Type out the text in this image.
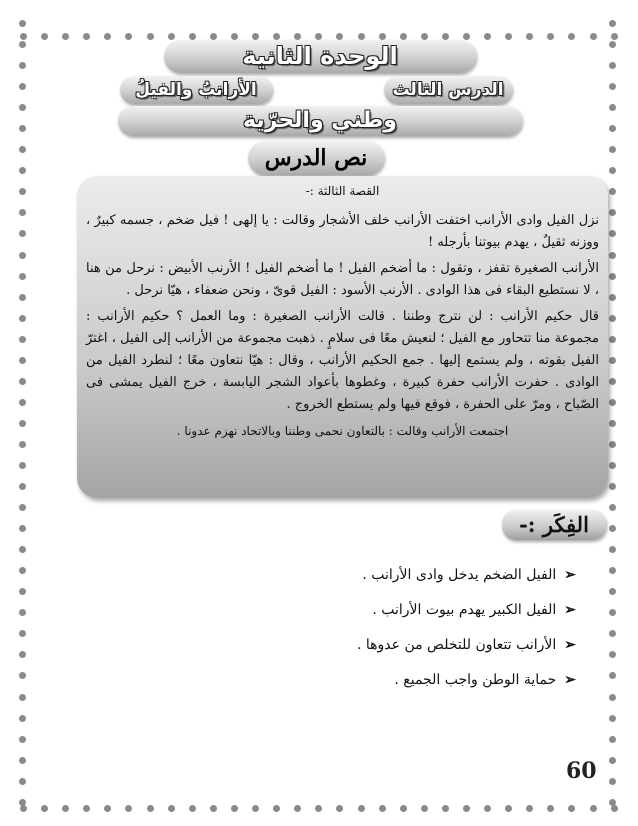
الوحدة الثانية
الدرس الثالث
الأرانبُ والفيلُ
وطني والحرّية
نص الدرس
القصة الثالثة :-

نزل الفيل وادى الأرانب اختفت الأرانب خلف الأشجار وقالت : يا إلهى ! فيل ضخم ، جسمه كبيرٌ ، ووزنه ثقيلٌ ، يهدم بيوتنا بأرجله !

الأرانب الصغيرة تقفز ، وتقول : ما أضخم الفيل ! ما أضخم الفيل ! الأرنب الأبيض : نرحل من هنا ، لا نستطيع البقاء فى هذا الوادى . الأرنب الأسود : الفيل قوىّ ، ونحن ضعفاء ، هيّا نرحل .

قال حكيم الأرانب : لن نترج وطننا . قالت الأرانب الصغيرة : وما العمل ؟ حكيم الأرانب : مجموعة منا تتحاور مع الفيل ؛ لنعيش معًا فى سلامٍ . ذهبت مجموعة من الأرانب إلى الفيل ، اغترّ الفيل بقوته ، ولم يستمع إليها . جمع الحكيم الأرانب ، وقال : هيّا نتعاون معًا ؛ لنطرد الفيل من الوادى . حفرت الأرانب حفرة كبيرة ، وغطوها بأعواد الشجر اليابسة ، خرج الفيل يمشى فى الصّباح ، ومرّ على الحفرة ، فوقع فيها ولم يستطع الخروج .

اجتمعت الأرانب وقالت : بالتعاون نحمى وطننا وبالاتحاد نهزم عدونا .

الفِكَر :-
➢
الفيل الضخم يدخل وادى الأرانب .
➢
الفيل الكبير يهدم بيوت الأرانب .
➢
الأرانب تتعاون للتخلص من عدوها .
➢
حماية الوطن واجب الجميع .
60
